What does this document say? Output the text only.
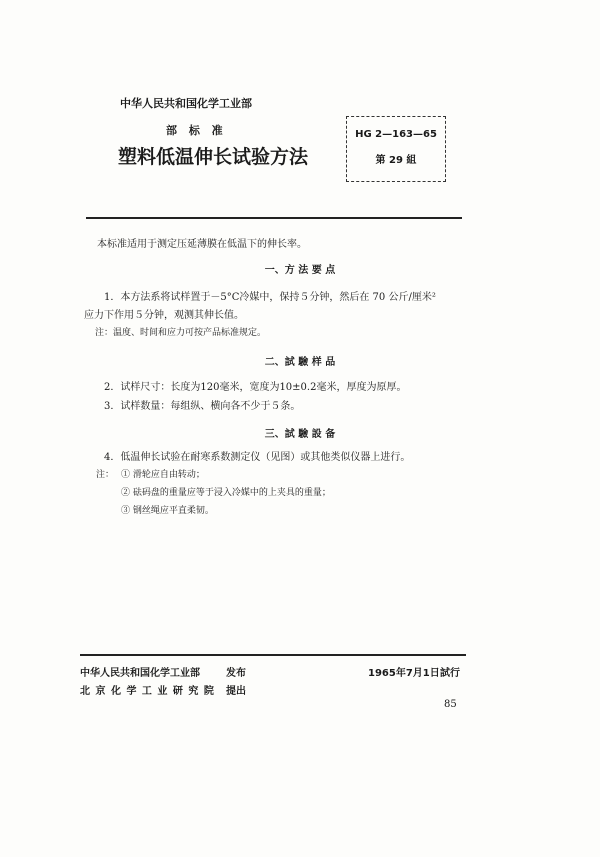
中华人民共和国化学工业部
部 标 准
塑料低温伸长试验方法
HG 2—163—65
第 29 組
本标准适用于测定压延薄膜在低温下的伸长率。
一、方 法 要 点
1．本方法系将试样置于－5°C冷媒中，保持５分钟，然后在 70 公斤/厘米²
应力下作用５分钟，观测其伸长值。
注：温度、时间和应力可按产品标准规定。
二、試 驗 样 品
2．试样尺寸：长度为120毫米，宽度为10±0.2毫米，厚度为原厚。
3．试样数量：每组纵、横向各不少于５条。
三、試 驗 設 备
4．低温伸长试验在耐寒系数测定仪（见图）或其他类似仪器上进行。
注： ① 滑轮应自由转动；
② 砝码盘的重量应等于浸入冷媒中的上夹具的重量；
③ 钢丝绳应平直柔韧。
中华人民共和国化学工业部	发布
北 京 化 学 工 业 研 究 院 提出
1965年7月1日 試行
85
